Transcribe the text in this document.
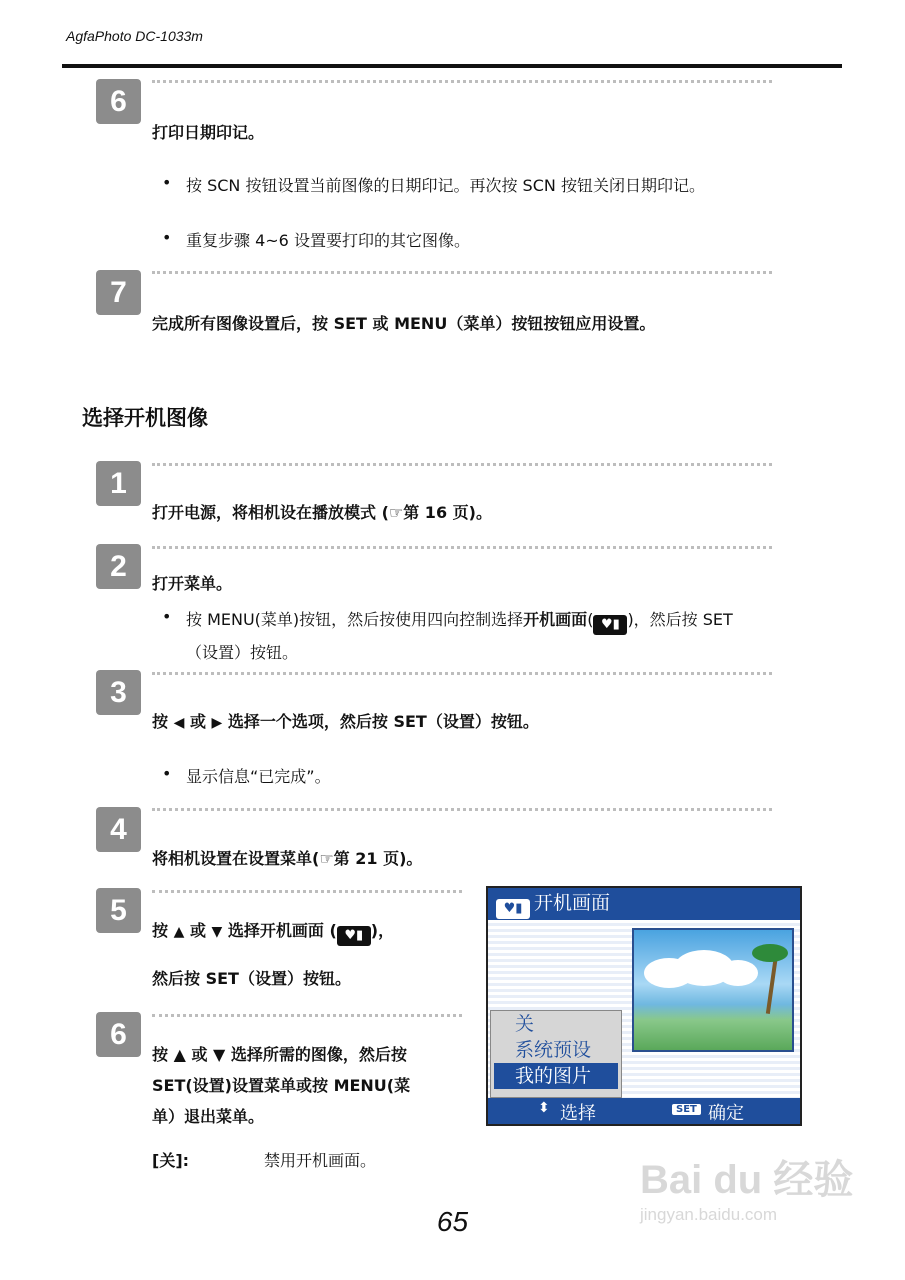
AgfaPhoto DC-1033m
6
打印日期印记。
• 按 SCN 按钮设置当前图像的日期印记。再次按 SCN 按钮关闭日期印记。
• 重复步骤 4~6 设置要打印的其它图像。
7
完成所有图像设置后，按 SET 或 MENU（菜单）按钮按钮应用设置。
选择开机图像
1
打开电源，将相机设在播放模式 (☞第 16 页)。
2
打开菜单。
• 按 MENU(菜单)按钮，然后按使用四向控制选择开机画面( ♥▮ )，然后按 SET
（设置）按钮。
3
按 ◀ 或 ▶ 选择一个选项，然后按 SET（设置）按钮。
• 显示信息“已完成”。
4
将相机设置在设置菜单(☞第 21 页)。
5
按 ▲ 或 ▼ 选择开机画面 ( ♥▮ )，
然后按 SET（设置）按钮。
6
按 ▲ 或 ▼ 选择所需的图像，然后按
SET(设置)设置菜单或按 MENU(菜
单）退出菜单。
[关]:	禁用开机画面。
♥▮ 开机画面
关
系统预设
我的图片
⬍ 选择	SET 确定
65
Bai du 经验
jingyan.baidu.com
